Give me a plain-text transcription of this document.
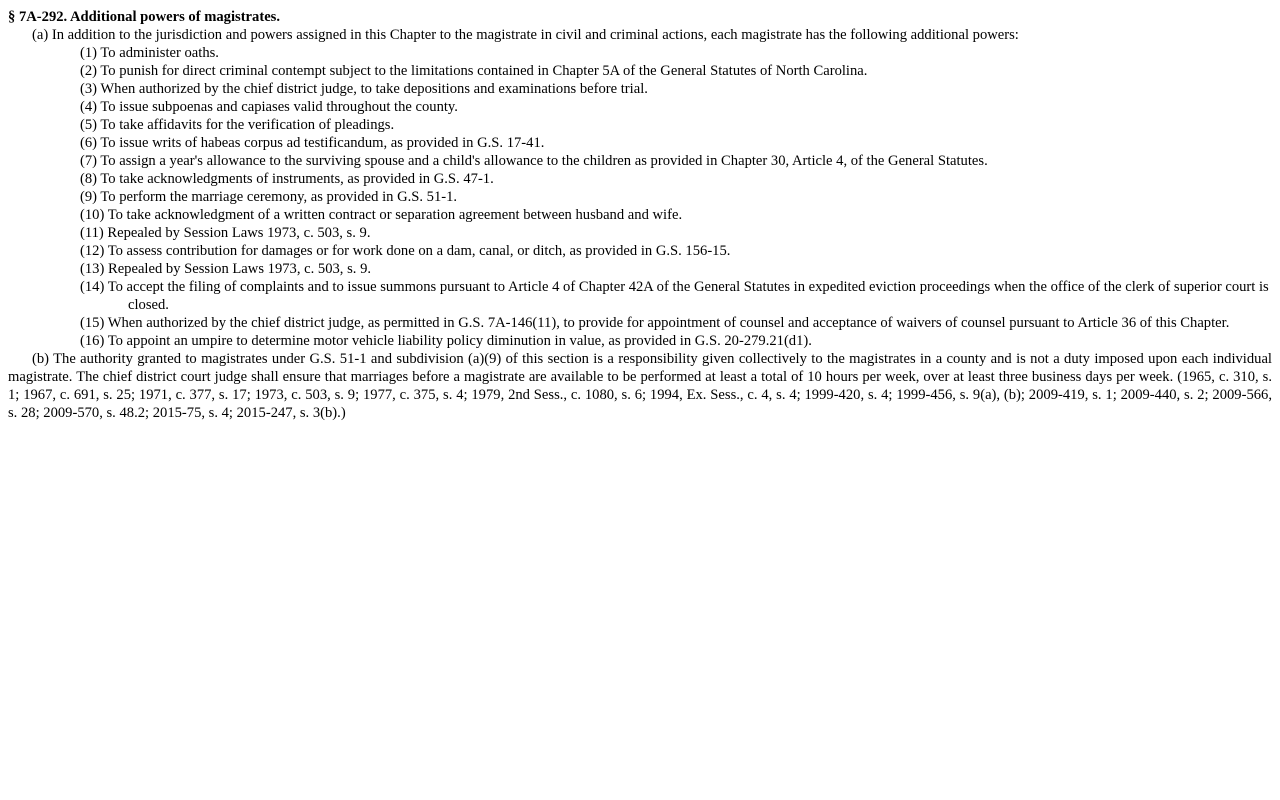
§ 7A-292. Additional powers of magistrates.

(a) In addition to the jurisdiction and powers assigned in this Chapter to the magistrate in civil and criminal actions, each magistrate has the following additional powers:

(1) To administer oaths.

(2) To punish for direct criminal contempt subject to the limitations contained in Chapter 5A of the General Statutes of North Carolina.

(3) When authorized by the chief district judge, to take depositions and examinations before trial.

(4) To issue subpoenas and capiases valid throughout the county.

(5) To take affidavits for the verification of pleadings.

(6) To issue writs of habeas corpus ad testificandum, as provided in G.S. 17-41.

(7) To assign a year's allowance to the surviving spouse and a child's allowance to the children as provided in Chapter 30, Article 4, of the General Statutes.

(8) To take acknowledgments of instruments, as provided in G.S. 47-1.

(9) To perform the marriage ceremony, as provided in G.S. 51-1.

(10) To take acknowledgment of a written contract or separation agreement between husband and wife.

(11) Repealed by Session Laws 1973, c. 503, s. 9.

(12) To assess contribution for damages or for work done on a dam, canal, or ditch, as provided in G.S. 156-15.

(13) Repealed by Session Laws 1973, c. 503, s. 9.

(14) To accept the filing of complaints and to issue summons pursuant to Article 4 of Chapter 42A of the General Statutes in expedited eviction proceedings when the office of the clerk of superior court is closed.

(15) When authorized by the chief district judge, as permitted in G.S. 7A-146(11), to provide for appointment of counsel and acceptance of waivers of counsel pursuant to Article 36 of this Chapter.

(16) To appoint an umpire to determine motor vehicle liability policy diminution in value, as provided in G.S. 20-279.21(d1).

(b) The authority granted to magistrates under G.S. 51-1 and subdivision (a)(9) of this section is a responsibility given collectively to the magistrates in a county and is not a duty imposed upon each individual magistrate. The chief district court judge shall ensure that marriages before a magistrate are available to be performed at least a total of 10 hours per week, over at least three business days per week. (1965, c. 310, s. 1; 1967, c. 691, s. 25; 1971, c. 377, s. 17; 1973, c. 503, s. 9; 1977, c. 375, s. 4; 1979, 2nd Sess., c. 1080, s. 6; 1994, Ex. Sess., c. 4, s. 4; 1999-420, s. 4; 1999-456, s. 9(a), (b); 2009-419, s. 1; 2009-440, s. 2; 2009-566, s. 28; 2009-570, s. 48.2; 2015-75, s. 4; 2015-247, s. 3(b).)
